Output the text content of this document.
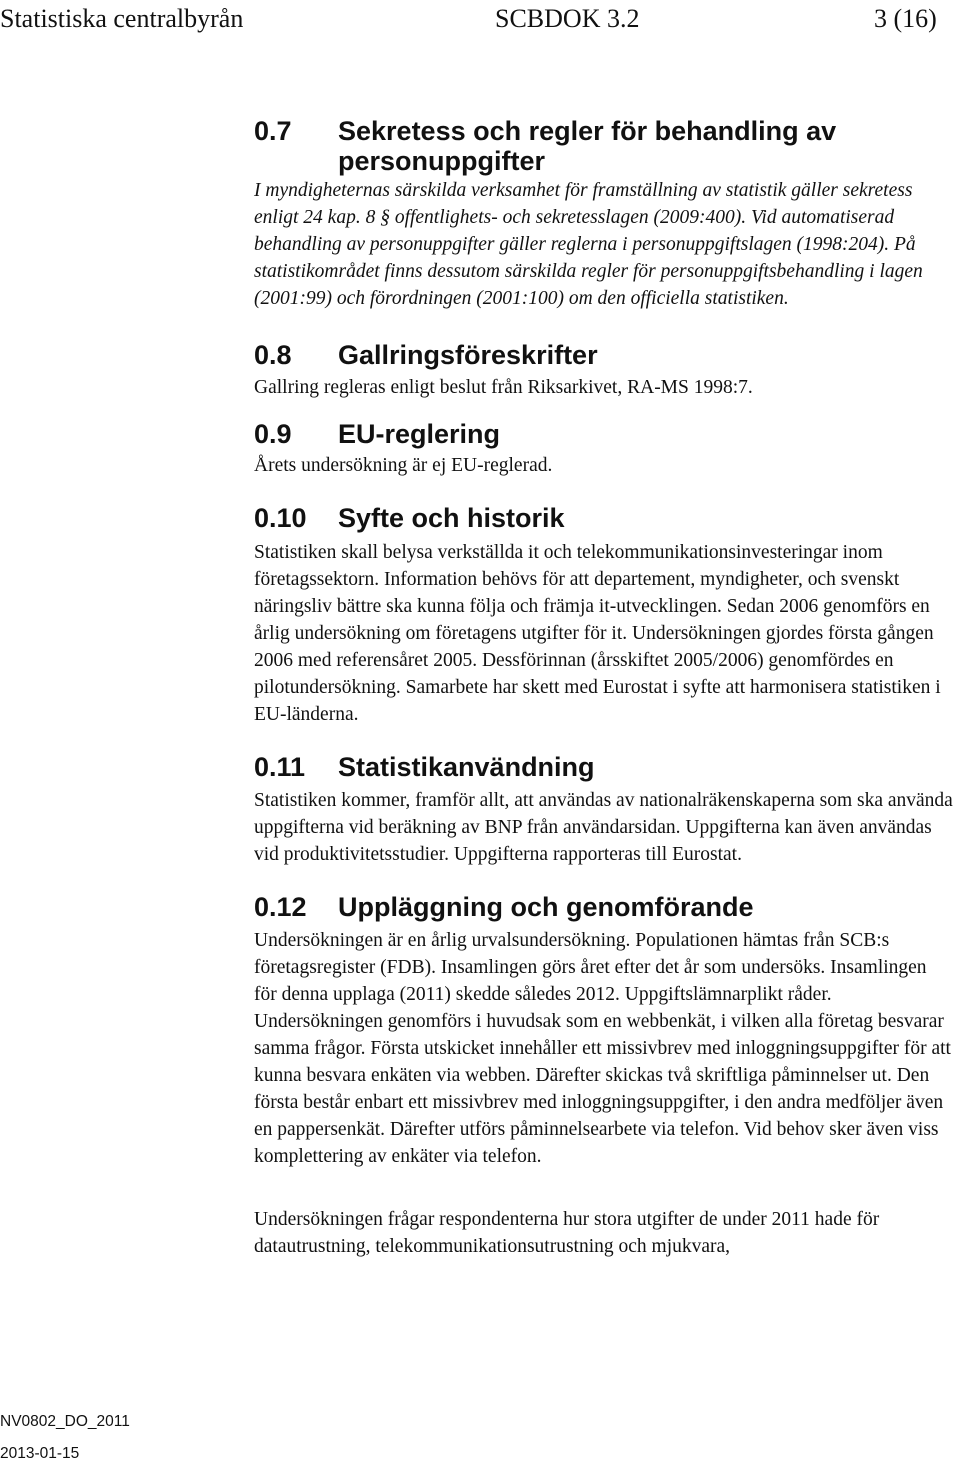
Statistiska centralbyrån	SCBDOK 3.2	3 (16)
0.7	Sekretess och regler för behandling av personuppgifter

I myndigheternas särskilda verksamhet för framställning av statistik gäller sekretess enligt 24 kap. 8 § offentlighets- och sekretesslagen (2009:400). Vid automatiserad behandling av personuppgifter gäller reglerna i personuppgiftslagen (1998:204). På statistikområdet finns dessutom särskilda regler för personuppgiftsbehandling i lagen (2001:99) och förordningen (2001:100) om den officiella statistiken.

0.8	Gallringsföreskrifter

Gallring regleras enligt beslut från Riksarkivet, RA-MS 1998:7.

0.9	EU-reglering

Årets undersökning är ej EU-reglerad.

0.10	Syfte och historik

Statistiken skall belysa verkställda it och telekommunikationsinvesteringar inom företagssektorn. Information behövs för att departement, myndigheter, och svenskt näringsliv bättre ska kunna följa och främja it-utvecklingen. Sedan 2006 genomförs en årlig undersökning om företagens utgifter för it. Undersökningen gjordes första gången 2006 med referensåret 2005. Dessförinnan (årsskiftet 2005/2006) genomfördes en pilotundersökning. Samarbete har skett med Eurostat i syfte att harmonisera statistiken i EU-länderna.

0.11	Statistikanvändning

Statistiken kommer, framför allt, att användas av nationalräkenskaperna som ska använda uppgifterna vid beräkning av BNP från användarsidan. Uppgifterna kan även användas vid produktivitetsstudier. Uppgifterna rapporteras till Eurostat.

0.12	Uppläggning och genomförande

Undersökningen är en årlig urvalsundersökning. Populationen hämtas från SCB:s företagsregister (FDB). Insamlingen görs året efter det år som undersöks. Insamlingen för denna upplaga (2011) skedde således 2012. Uppgiftslämnarplikt råder. Undersökningen genomförs i huvudsak som en webbenkät, i vilken alla företag besvarar samma frågor. Första utskicket innehåller ett missivbrev med inloggningsuppgifter för att kunna besvara enkäten via webben. Därefter skickas två skriftliga påminnelser ut. Den första består enbart ett missivbrev med inloggningsuppgifter, i den andra medföljer även en pappersenkät. Därefter utförs påminnelsearbete via telefon. Vid behov sker även viss komplettering av enkäter via telefon.

Undersökningen frågar respondenterna hur stora utgifter de under 2011 hade för datautrustning, telekommunikationsutrustning och mjukvara,

NV0802_DO_2011
2013-01-15
